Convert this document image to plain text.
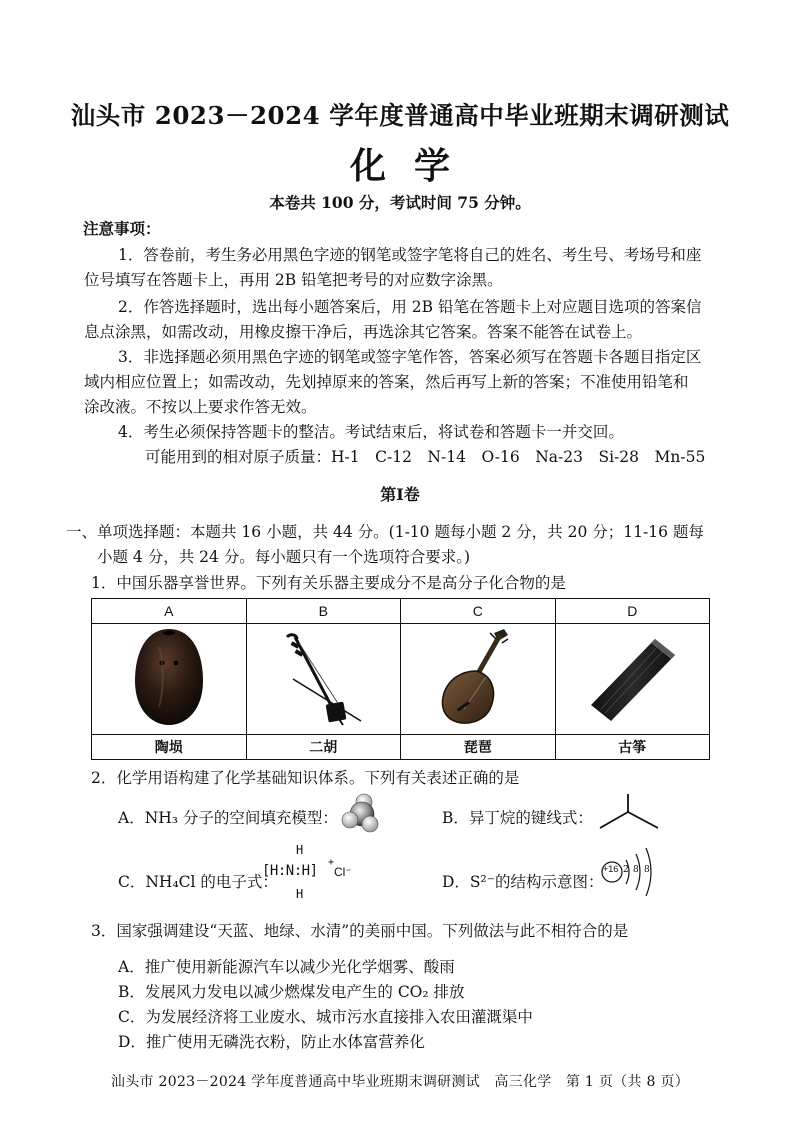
汕头市 2023－2024 学年度普通高中毕业班期末调研测试
化学
本卷共 100 分，考试时间 75 分钟。
注意事项：
1．答卷前，考生务必用黑色字迹的钢笔或签字笔将自己的姓名、考生号、考场号和座
位号填写在答题卡上，再用 2B 铅笔把考号的对应数字涂黑。
2．作答选择题时，选出每小题答案后，用 2B 铅笔在答题卡上对应题目选项的答案信
息点涂黑，如需改动，用橡皮擦干净后，再选涂其它答案。答案不能答在试卷上。
3．非选择题必须用黑色字迹的钢笔或签字笔作答，答案必须写在答题卡各题目指定区
域内相应位置上；如需改动，先划掉原来的答案，然后再写上新的答案；不准使用铅笔和
涂改液。不按以上要求作答无效。
4．考生必须保持答题卡的整洁。考试结束后，将试卷和答题卡一并交回。
可能用到的相对原子质量：H-1　C-12　N-14　O-16　Na-23　Si-28　Mn-55
第Ⅰ卷
一、单项选择题：本题共 16 小题，共 44 分。(1-10 题每小题 2 分，共 20 分；11-16 题每
小题 4 分，共 24 分。每小题只有一个选项符合要求。)
1．中国乐器享誉世界。下列有关乐器主要成分不是高分子化合物的是
A	B	C	D

陶埙	二胡	琵琶	古筝
2．化学用语构建了化学基础知识体系。下列有关表述正确的是
A．NH₃ 分子的空间填充模型：	B．异丁烷的键线式：
C．NH₄Cl 的电子式：
H
[H:N:H]
+
Cl⁻
H
D．S²⁻的结构示意图：
+16 2 8 8
3．国家强调建设“天蓝、地绿、水清”的美丽中国。下列做法与此不相符合的是
A．推广使用新能源汽车以减少光化学烟雾、酸雨
B．发展风力发电以减少燃煤发电产生的 CO₂ 排放
C．为发展经济将工业废水、城市污水直接排入农田灌溉渠中
D．推广使用无磷洗衣粉，防止水体富营养化
汕头市 2023－2024 学年度普通高中毕业班期末调研测试　高三化学　第 1 页（共 8 页）
